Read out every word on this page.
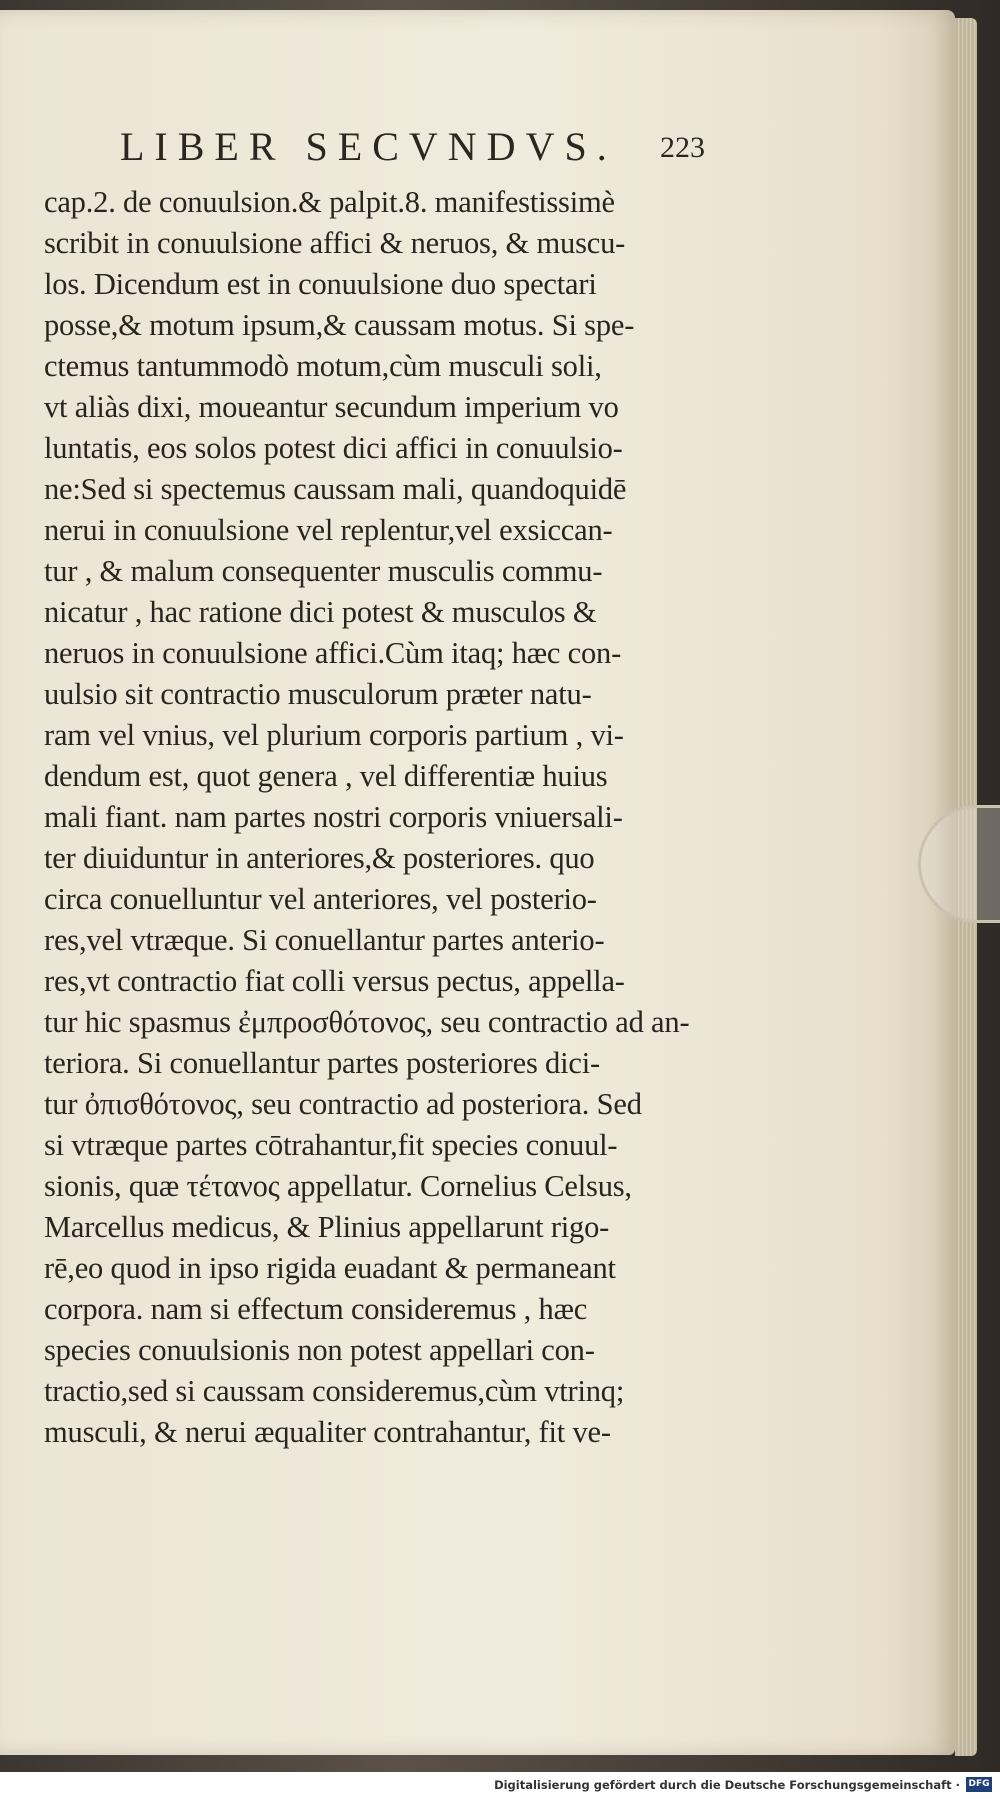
LIBER SECVNDVS. 223
cap.2. de conuulsion.& palpit.8. manifestissimè
scribit in conuulsione affici & neruos, & muscu-
los. Dicendum est in conuulsione duo spectari
posse,& motum ipsum,& caussam motus. Si spe-
ctemus tantummodò motum,cùm musculi soli,
vt aliàs dixi, moueantur secundum imperium vo
luntatis, eos solos potest dici affici in conuulsio-
ne:Sed si spectemus caussam mali, quandoquidē
nerui in conuulsione vel replentur,vel exsiccan-
tur , & malum consequenter musculis commu-
nicatur , hac ratione dici potest & musculos &
neruos in conuulsione affici.Cùm itaq; hæc con-
uulsio sit contractio musculorum præter natu-
ram vel vnius, vel plurium corporis partium , vi-
dendum est, quot genera , vel differentiæ huius
mali fiant. nam partes nostri corporis vniuersali-
ter diuiduntur in anteriores,& posteriores. quo
circa conuelluntur vel anteriores, vel posterio-
res,vel vtræque. Si conuellantur partes anterio-
res,vt contractio fiat colli versus pectus, appella-
tur hic spasmus ἐμπροσθότονος, seu contractio ad an-
teriora. Si conuellantur partes posteriores dici-
tur ὀπισθότονος, seu contractio ad posteriora. Sed
si vtræque partes cōtrahantur,fit species conuul-
sionis, quæ τέτανος appellatur. Cornelius Celsus,
Marcellus medicus, & Plinius appellarunt rigo-
rē,eo quod in ipso rigida euadant & permaneant
corpora. nam si effectum consideremus , hæc
species conuulsionis non potest appellari con-
tractio,sed si caussam consideremus,cùm vtrinq;
musculi, & nerui æqualiter contrahantur, fit ve-
Digitalisierung gefördert durch die Deutsche Forschungsgemeinschaft · DFG
